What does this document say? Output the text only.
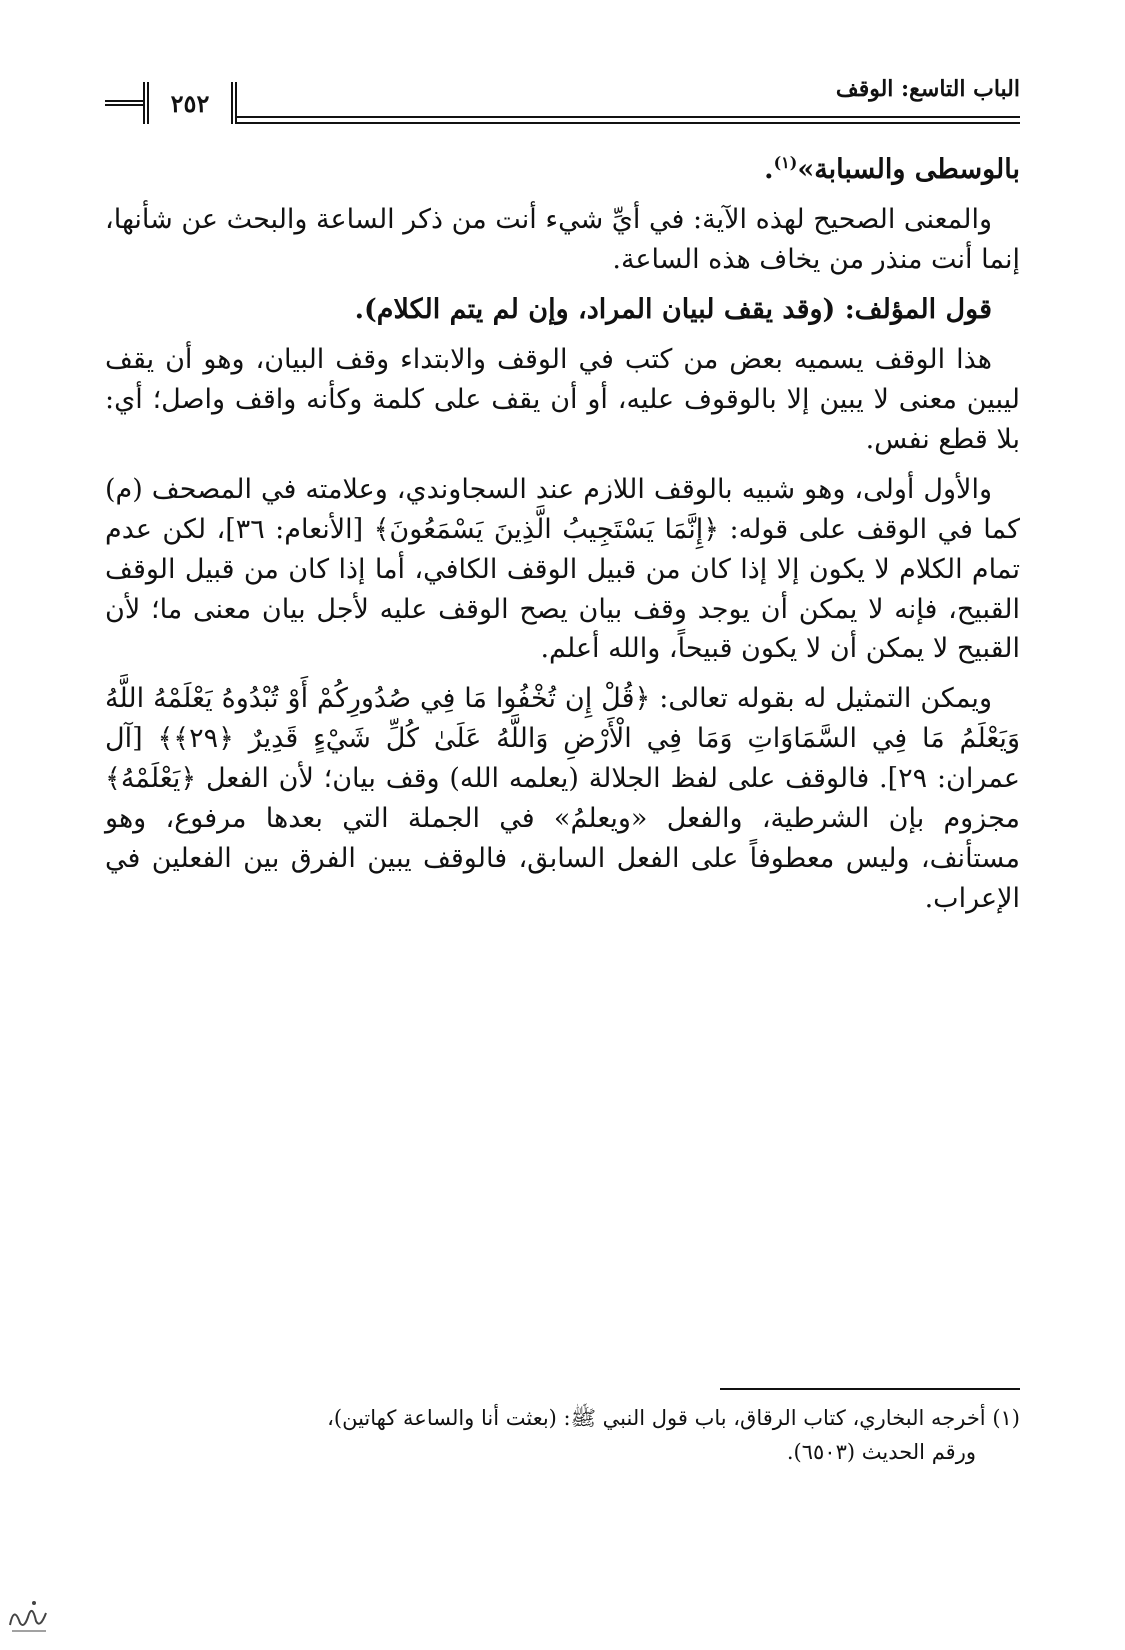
٢٥٢	الباب التاسع: الوقف

بالوسطى والسبابة»$^{(١)}$.

والمعنى الصحيح لهذه الآية: في أيِّ شيء أنت من ذكر الساعة والبحث عن شأنها، إنما أنت منذر من يخاف هذه الساعة.

قول المؤلف: (وقد يقف لبيان المراد، وإن لم يتم الكلام).

هذا الوقف يسميه بعض من كتب في الوقف والابتداء وقف البيان، وهو أن يقف ليبين معنى لا يبين إلا بالوقوف عليه، أو أن يقف على كلمة وكأنه واقف واصل؛ أي: بلا قطع نفس.

والأول أولى، وهو شبيه بالوقف اللازم عند السجاوندي، وعلامته في المصحف (م) كما في الوقف على قوله: ﴿إِنَّمَا يَسْتَجِيبُ الَّذِينَ يَسْمَعُونَ﴾ [الأنعام: ٣٦]، لكن عدم تمام الكلام لا يكون إلا إذا كان من قبيل الوقف الكافي، أما إذا كان من قبيل الوقف القبيح، فإنه لا يمكن أن يوجد وقف بيان يصح الوقف عليه لأجل بيان معنى ما؛ لأن القبيح لا يمكن أن لا يكون قبيحاً، والله أعلم.

ويمكن التمثيل له بقوله تعالى: ﴿قُلْ إِن تُخْفُوا مَا فِي صُدُورِكُمْ أَوْ تُبْدُوهُ يَعْلَمْهُ اللَّهُ وَيَعْلَمُ مَا فِي السَّمَاوَاتِ وَمَا فِي الْأَرْضِ وَاللَّهُ عَلَىٰ كُلِّ شَيْءٍ قَدِيرٌ ﴿٢٩﴾﴾ [آل عمران: ٢٩]. فالوقف على لفظ الجلالة (يعلمه الله) وقف بيان؛ لأن الفعل ﴿يَعْلَمْهُ﴾ مجزوم بإن الشرطية، والفعل «ويعلمُ» في الجملة التي بعدها مرفوع، وهو مستأنف، وليس معطوفاً على الفعل السابق، فالوقف يبين الفرق بين الفعلين في الإعراب.

(١) أخرجه البخاري، كتاب الرقاق، باب قول النبي ﷺ: (بعثت أنا والساعة كهاتين)،

ورقم الحديث (٦٥٠٣).
